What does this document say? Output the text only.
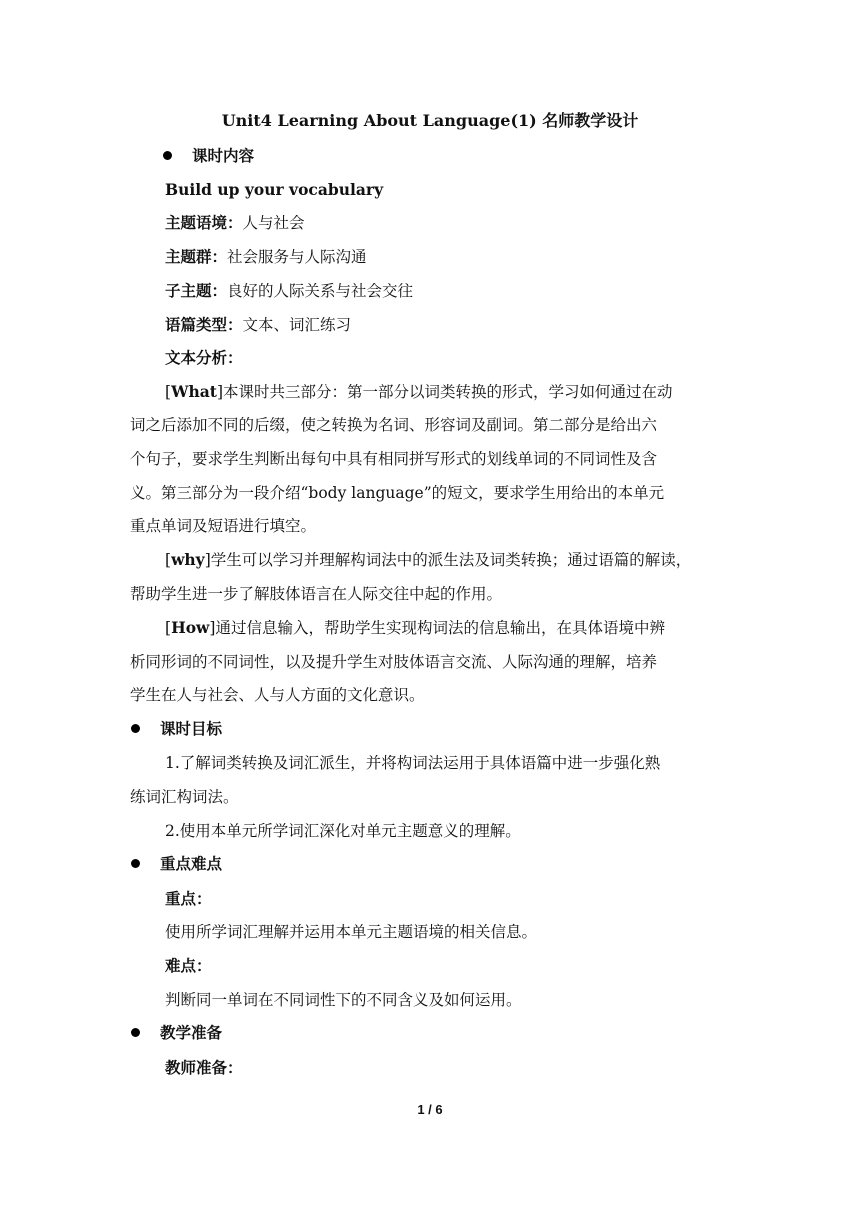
Unit4 Learning About Language(1) 名师教学设计
课时内容
Build up your vocabulary
主题语境：人与社会
主题群：社会服务与人际沟通
子主题：良好的人际关系与社会交往
语篇类型：文本、词汇练习
文本分析：
[What]本课时共三部分：第一部分以词类转换的形式，学习如何通过在动
词之后添加不同的后缀，使之转换为名词、形容词及副词。第二部分是给出六
个句子，要求学生判断出每句中具有相同拼写形式的划线单词的不同词性及含
义。第三部分为一段介绍“body language”的短文，要求学生用给出的本单元
重点单词及短语进行填空。
[why]学生可以学习并理解构词法中的派生法及词类转换；通过语篇的解读，
帮助学生进一步了解肢体语言在人际交往中起的作用。
[How]通过信息输入，帮助学生实现构词法的信息输出，在具体语境中辨
析同形词的不同词性，以及提升学生对肢体语言交流、人际沟通的理解，培养
学生在人与社会、人与人方面的文化意识。
课时目标
1.了解词类转换及词汇派生，并将构词法运用于具体语篇中进一步强化熟
练词汇构词法。
2.使用本单元所学词汇深化对单元主题意义的理解。
重点难点
重点：
使用所学词汇理解并运用本单元主题语境的相关信息。
难点：
判断同一单词在不同词性下的不同含义及如何运用。
教学准备
教师准备：
1 / 6
